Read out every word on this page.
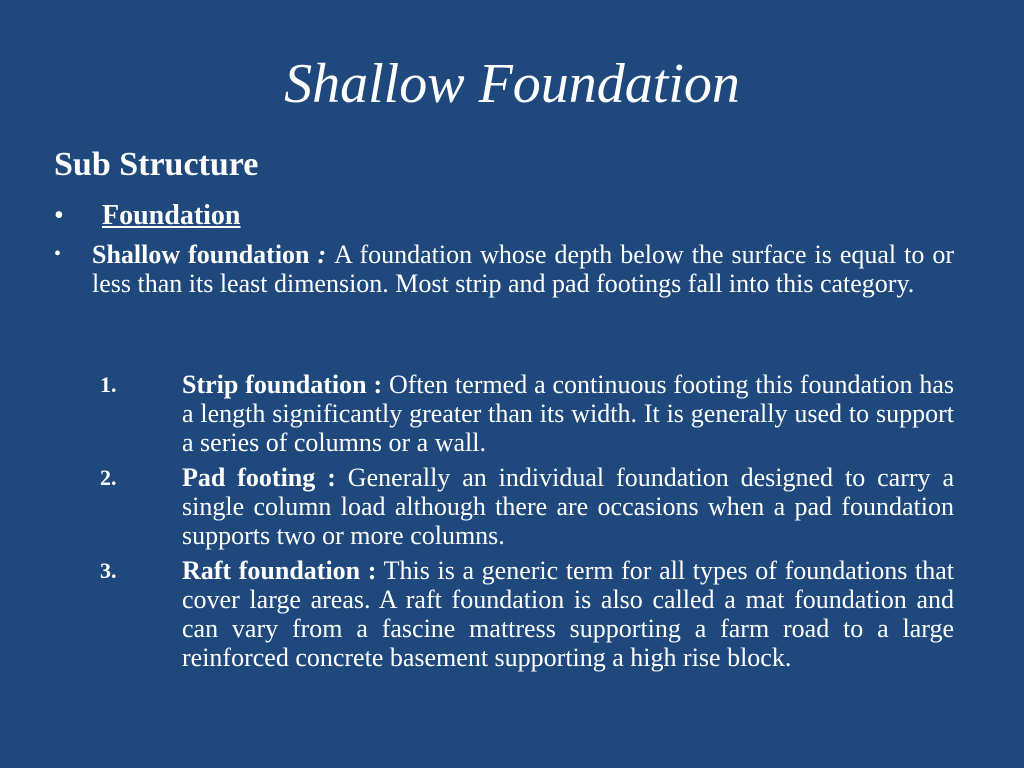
Shallow Foundation
Sub Structure
•	Foundation
•	Shallow foundation : A foundation whose depth below the surface is equal to or less than its least dimension. Most strip and pad footings fall into this category.
1.	Strip foundation : Often termed a continuous footing this foundation has a length significantly greater than its width. It is generally used to support a series of columns or a wall.
2.	Pad footing : Generally an individual foundation designed to carry a single column load although there are occasions when a pad foundation supports two or more columns.
3.	Raft foundation : This is a generic term for all types of foundations that cover large areas. A raft foundation is also called a mat foundation and can vary from a fascine mattress supporting a farm road to a large reinforced concrete basement supporting a high rise block.
